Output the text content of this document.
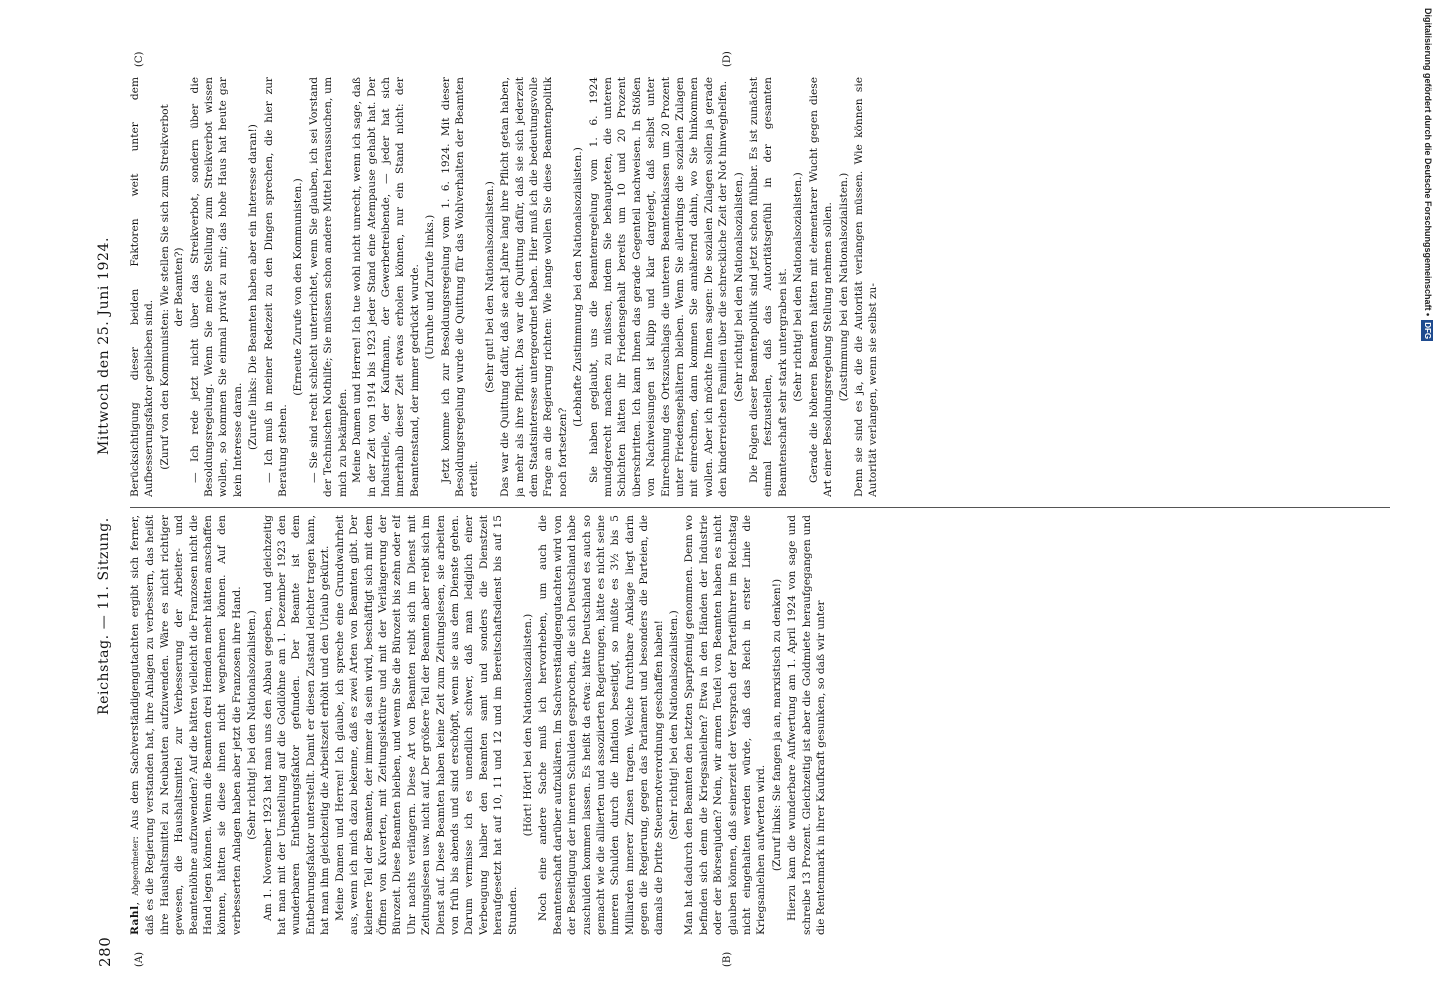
280
Reichstag. — 11. Sitzung.
Mittwoch den 25. Juni 1924.
(A)	(B)
(C)	(D)

Rahl, Abgeordneter: Aus dem Sachverständigengutachten ergibt sich ferner, daß es die Regierung verstanden hat, ihre Anlagen zu verbessern, das heißt ihre Haushaltsmittel zu Neubauten aufzuwenden. Wäre es nicht richtiger gewesen, die Haushaltsmittel zur Verbesserung der Arbeiter- und Beamtenlöhne aufzuwenden? Auf die hätten vielleicht die Franzosen nicht die Hand legen können. Wenn die Beamten drei Hemden mehr hätten anschaffen können, hätten sie diese ihnen nicht wegnehmen können. Auf den verbesserten Anlagen haben aber jetzt die Franzosen ihre Hand. (Sehr richtig! bei den Nationalsozialisten.) Am 1. November 1923 hat man uns den Abbau gegeben, und gleichzeitig hat man mit der Umstellung auf die Goldlöhne am 1. Dezember 1923 den wunderbaren Entbehrungsfaktor gefunden. Der Beamte ist dem Entbehrungsfaktor unterstellt. Damit er diesen Zustand leichter tragen kann, hat man ihm gleichzeitig die Arbeitszeit erhöht und den Urlaub gekürzt. Meine Damen und Herren! Ich glaube, ich spreche eine Grundwahrheit aus, wenn ich mich dazu bekenne, daß es zwei Arten von Beamten gibt. Der kleinere Teil der Beamten, der immer da sein wird, beschäftigt sich mit dem Öffnen von Kuverten, mit Zeitungslektüre und mit der Verlängerung der Bürozeit. Diese Beamten bleiben, und wenn Sie die Bürozeit bis zehn oder elf Uhr nachts verlängern. Diese Art von Beamten reibt sich im Dienst mit Zeitungslesen usw. nicht auf. Der größere Teil der Beamten aber reibt sich im Dienst auf. Diese Beamten haben keine Zeit zum Zeitungslesen, sie arbeiten von früh bis abends und sind erschöpft, wenn sie aus dem Dienste gehen. Darum vermisse ich es unendlich schwer, daß man lediglich einer Verbeugung halber den Beamten samt und sonders die Dienstzeit heraufgesetzt hat auf 10, 11 und 12 und im Bereitschaftsdienst bis auf 15 Stunden.

(Hört! Hört! bei den Nationalsozialisten.) Noch eine andere Sache muß ich hervorheben, um auch die Beamtenschaft darüber aufzuklären. Im Sachverständigengutachten wird von der Beseitigung der inneren Schulden gesprochen, die sich Deutschland habe zuschulden kommen lassen. Es heißt da etwa: hätte Deutschland es auch so gemacht wie die alliierten und assoziierten Regierungen, hätte es nicht seine inneren Schulden durch die Inflation beseitigt, so müßte es 3½ bis 5 Milliarden innerer Zinsen tragen. Welche furchtbare Anklage liegt darin gegen die Regierung, gegen das Parlament und besonders die Parteien, die damals die Dritte Steuernotverordnung geschaffen haben! (Sehr richtig! bei den Nationalsozialisten.) Man hat dadurch den Beamten den letzten Sparpfennig genommen. Denn wo befinden sich denn die Kriegsanleihen? Etwa in den Händen der Industrie oder der Börsenjuden? Nein, wir armen Teufel von Beamten haben es nicht glauben können, daß seinerzeit der Versprach der Parteiführer im Reichstag nicht eingehalten werden würde, daß das Reich in erster Linie die Kriegsanleihen aufwerten wird. (Zuruf links: Sie fangen ja an, marxistisch zu denken!) Hierzu kam die wunderbare Aufwertung am 1. April 1924 von sage und schreibe 13 Prozent. Gleichzeitig ist aber die Goldmiete heraufgegangen und die Rentenmark in ihrer Kaufkraft gesunken, so daß wir unter

Berücksichtigung dieser beiden Faktoren weit unter dem Aufbesserungsfaktor geblieben sind. (Zuruf von den Kommunisten: Wie stellen Sie sich zum Streikverbot der Beamten?) — Ich rede jetzt nicht über das Streikverbot, sondern über die Besoldungsregelung. Wenn Sie meine Stellung zum Streikverbot wissen wollen, so kommen Sie einmal privat zu mir; das hohe Haus hat heute gar kein Interesse daran. (Zurufe links: Die Beamten haben aber ein Interesse daran!) — Ich muß in meiner Redezeit zu den Dingen sprechen, die hier zur Beratung stehen.

(Erneute Zurufe von den Kommunisten.) — Sie sind recht schlecht unterrichtet, wenn Sie glauben, ich sei Vorstand der Technischen Nothilfe; Sie müssen schon andere Mittel heraussuchen, um mich zu bekämpfen. Meine Damen und Herren! Ich tue wohl nicht unrecht, wenn ich sage, daß in der Zeit von 1914 bis 1923 jeder Stand eine Atempause gehabt hat. Der Industrielle, der Kaufmann, der Gewerbetreibende, — jeder hat sich innerhalb dieser Zeit etwas erholen können, nur ein Stand nicht: der Beamtenstand, der immer gedrückt wurde. (Unruhe und Zurufe links.) Jetzt komme ich zur Besoldungsregelung vom 1. 6. 1924. Mit dieser Besoldungsregelung wurde die Quittung für das Wohlverhalten der Beamten erteilt.

(Sehr gut! bei den Nationalsozialisten.) Das war die Quittung dafür, daß sie acht Jahre lang ihre Pflicht getan haben, ja mehr als ihre Pflicht. Das war die Quittung dafür, daß sie sich jederzeit dem Staatsinteresse untergeordnet haben. Hier muß ich die bedeutungsvolle Frage an die Regierung richten: Wie lange wollen Sie diese Beamtenpolitik noch fortsetzen?

(Lebhafte Zustimmung bei den Nationalsozialisten.) Sie haben geglaubt, uns die Beamtenregelung vom 1. 6. 1924 mundgerecht machen zu müssen, indem Sie behaupteten, die unteren Schichten hätten ihr Friedensgehalt bereits um 10 und 20 Prozent überschritten. Ich kann Ihnen das gerade Gegenteil nachweisen. In Stößen von Nachweisungen ist klipp und klar dargelegt, daß selbst unter Einrechnung des Ortszuschlags die unteren Beamtenklassen um 20 Prozent unter Friedensgehältern bleiben. Wenn Sie allerdings die sozialen Zulagen mit einrechnen, dann kommen Sie annähernd dahin, wo Sie hinkommen wollen. Aber ich möchte Ihnen sagen: Die sozialen Zulagen sollen ja gerade den kinderreichen Familien über die schreckliche Zeit der Not hinweghelfen. (Sehr richtig! bei den Nationalsozialisten.) Die Folgen dieser Beamtenpolitik sind jetzt schon fühlbar. Es ist zunächst einmal festzustellen, daß das Autoritätsgefühl in der gesamten Beamtenschaft sehr stark untergraben ist. (Sehr richtig! bei den Nationalsozialisten.) Gerade die höheren Beamten hätten mit elementarer Wucht gegen diese Art einer Besoldungsregelung Stellung nehmen sollen. (Zustimmung bei den Nationalsozialisten.) Denn sie sind es ja, die die Autorität verlangen müssen. Wie können sie Autorität verlangen, wenn sie selbst zu-

Digitalisierung gefördert durch die Deutsche Forschungsgemeinschaft •DFG
